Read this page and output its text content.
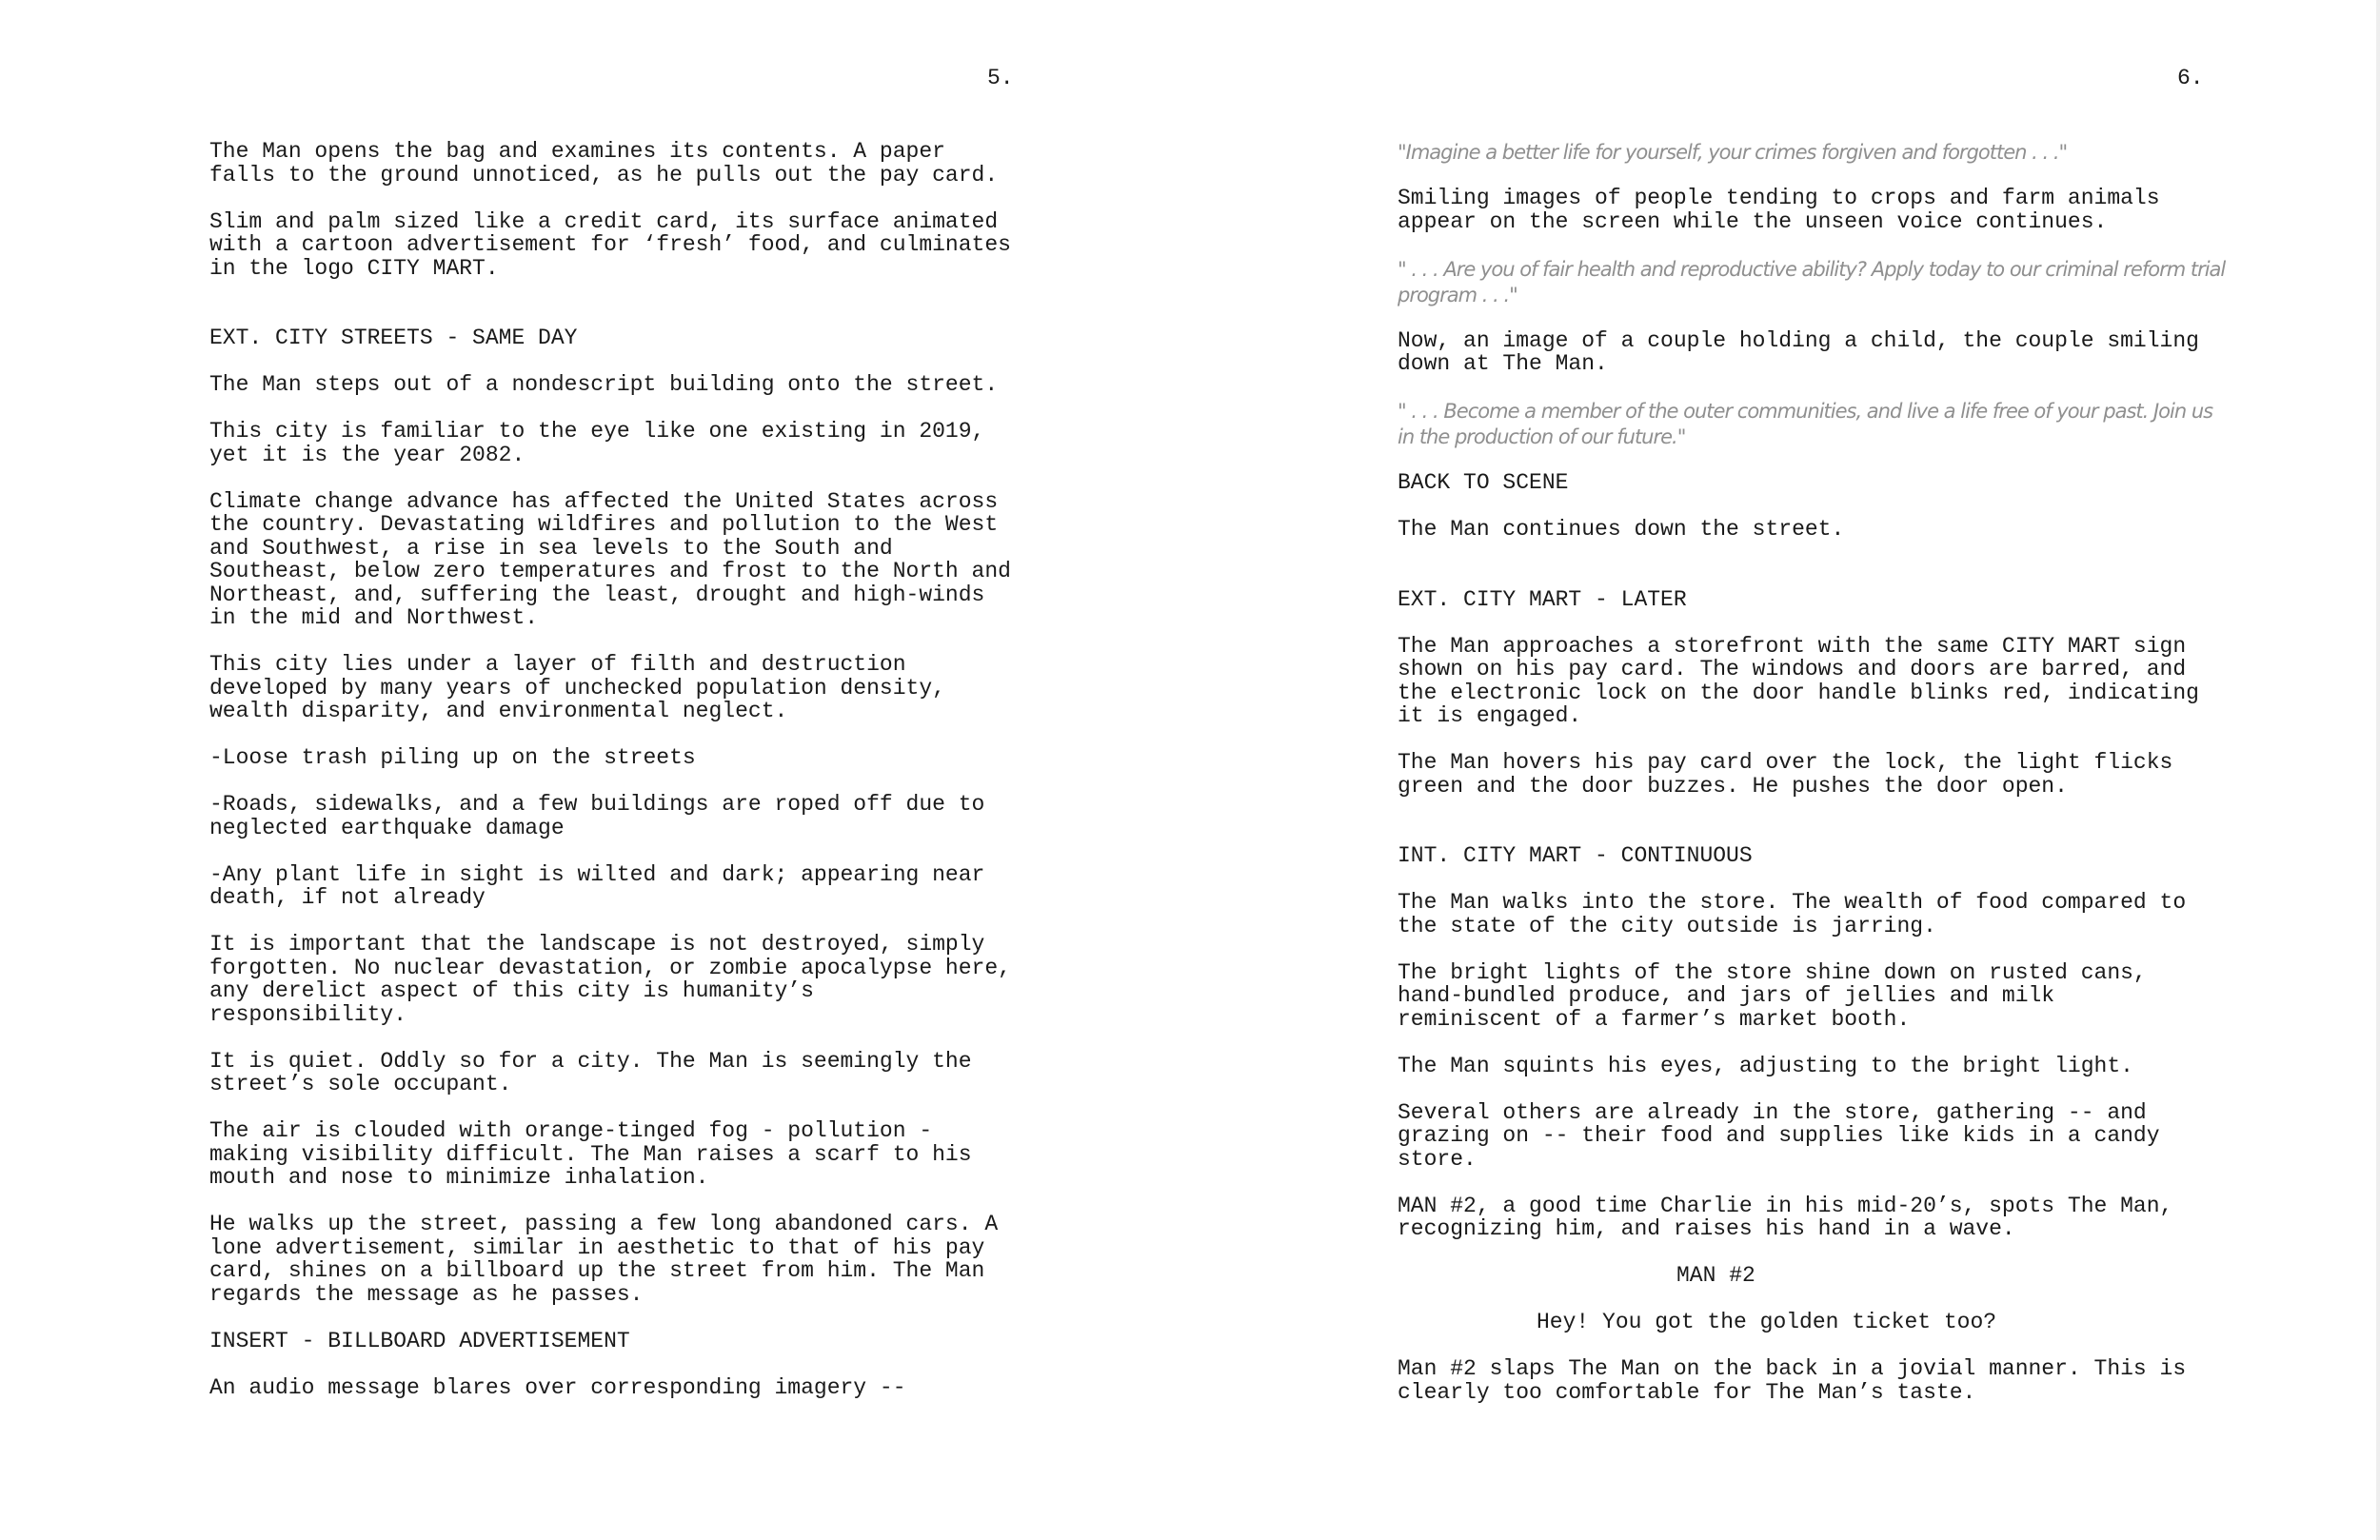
5.

The Man opens the bag and examines its contents. A paper
falls to the ground unnoticed, as he pulls out the pay card.

Slim and palm sized like a credit card, its surface animated
with a cartoon advertisement for ‘fresh’ food, and culminates
in the logo CITY MART.

EXT. CITY STREETS - SAME DAY

The Man steps out of a nondescript building onto the street.

This city is familiar to the eye like one existing in 2019,
yet it is the year 2082.

Climate change advance has affected the United States across
the country. Devastating wildfires and pollution to the West
and Southwest, a rise in sea levels to the South and
Southeast, below zero temperatures and frost to the North and
Northeast, and, suffering the least, drought and high-winds
in the mid and Northwest.

This city lies under a layer of filth and destruction
developed by many years of unchecked population density,
wealth disparity, and environmental neglect.

-Loose trash piling up on the streets

-Roads, sidewalks, and a few buildings are roped off due to
neglected earthquake damage

-Any plant life in sight is wilted and dark; appearing near
death, if not already

It is important that the landscape is not destroyed, simply
forgotten. No nuclear devastation, or zombie apocalypse here,
any derelict aspect of this city is humanity’s
responsibility.

It is quiet. Oddly so for a city. The Man is seemingly the
street’s sole occupant.

The air is clouded with orange-tinged fog - pollution -
making visibility difficult. The Man raises a scarf to his
mouth and nose to minimize inhalation.

He walks up the street, passing a few long abandoned cars. A
lone advertisement, similar in aesthetic to that of his pay
card, shines on a billboard up the street from him. The Man
regards the message as he passes.

INSERT - BILLBOARD ADVERTISEMENT

An audio message blares over corresponding imagery --

6.

"Imagine a better life for yourself, your crimes forgiven and forgotten . . ."

Smiling images of people tending to crops and farm animals
appear on the screen while the unseen voice continues.

" . . . Are you of fair health and reproductive ability? Apply today to our criminal reform trial
program . . ."

Now, an image of a couple holding a child, the couple smiling
down at The Man.

" . . . Become a member of the outer communities, and live a life free of your past. Join us
in the production of our future."

BACK TO SCENE

The Man continues down the street.

EXT. CITY MART - LATER

The Man approaches a storefront with the same CITY MART sign
shown on his pay card. The windows and doors are barred, and
the electronic lock on the door handle blinks red, indicating
it is engaged.

The Man hovers his pay card over the lock, the light flicks
green and the door buzzes. He pushes the door open.

INT. CITY MART - CONTINUOUS

The Man walks into the store. The wealth of food compared to
the state of the city outside is jarring.

The bright lights of the store shine down on rusted cans,
hand-bundled produce, and jars of jellies and milk
reminiscent of a farmer’s market booth.

The Man squints his eyes, adjusting to the bright light.

Several others are already in the store, gathering -- and
grazing on -- their food and supplies like kids in a candy
store.

MAN #2, a good time Charlie in his mid-20’s, spots The Man,
recognizing him, and raises his hand in a wave.

MAN #2

Hey! You got the golden ticket too?

Man #2 slaps The Man on the back in a jovial manner. This is
clearly too comfortable for The Man’s taste.
